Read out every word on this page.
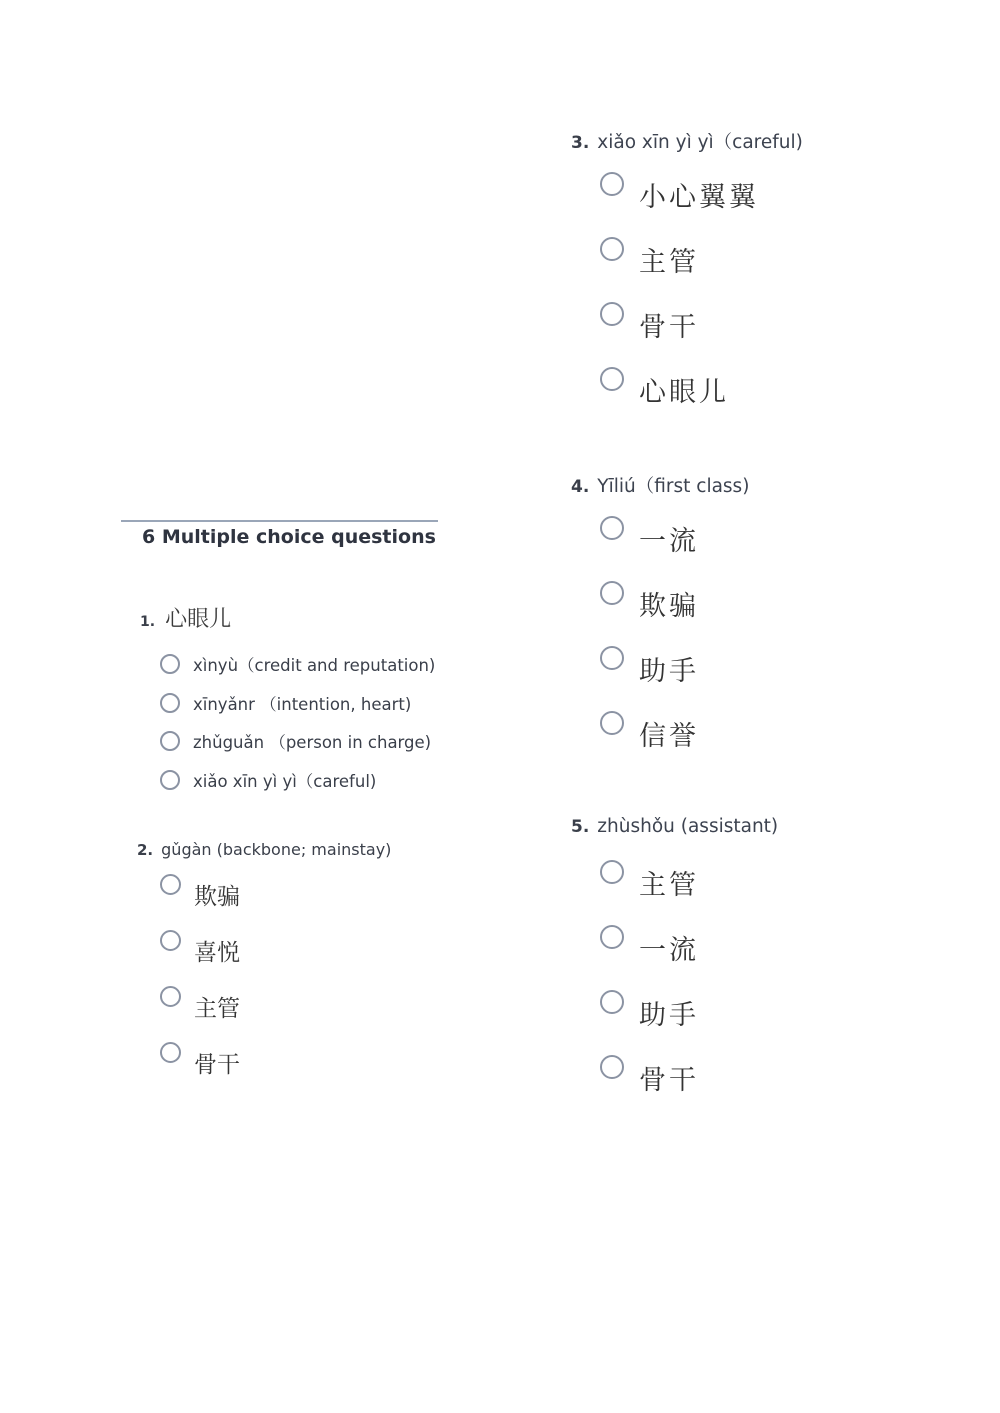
6 Multiple choice questions
1. 心眼儿
xìnyù（credit and reputation)
xīnyǎnr （intention, heart)
zhǔguǎn （person in charge)
xiǎo xīn yì yì（careful)
2. gǔgàn (backbone; mainstay)
欺骗
喜悦
主管
骨干
3. xiǎo xīn yì yì（careful)
小心翼翼
主管
骨干
心眼儿
4. Yīliú（first class)
一流
欺骗
助手
信誉
5. zhùshǒu (assistant)
主管
一流
助手
骨干
